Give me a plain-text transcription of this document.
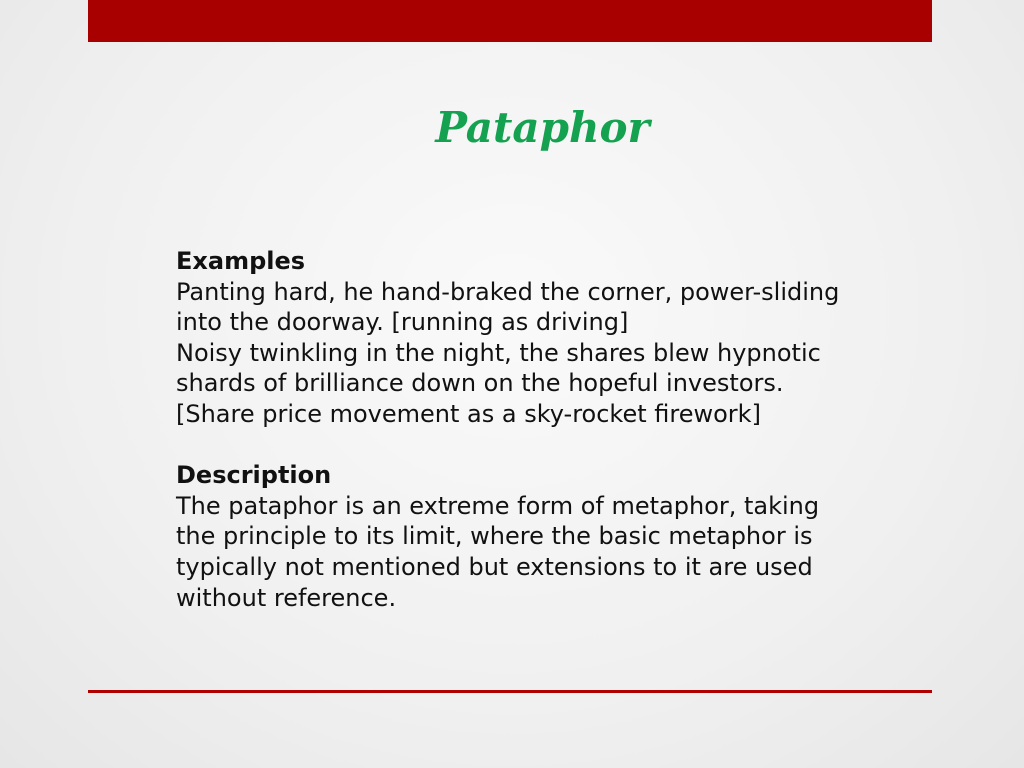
Pataphor
Examples
Panting hard, he hand-braked the corner, power-sliding
into the doorway. [running as driving]
Noisy twinkling in the night, the shares blew hypnotic
shards of brilliance down on the hopeful investors.
[Share price movement as a sky-rocket firework]
Description
The pataphor is an extreme form of metaphor, taking
the principle to its limit, where the basic metaphor is
typically not mentioned but extensions to it are used
without reference.
